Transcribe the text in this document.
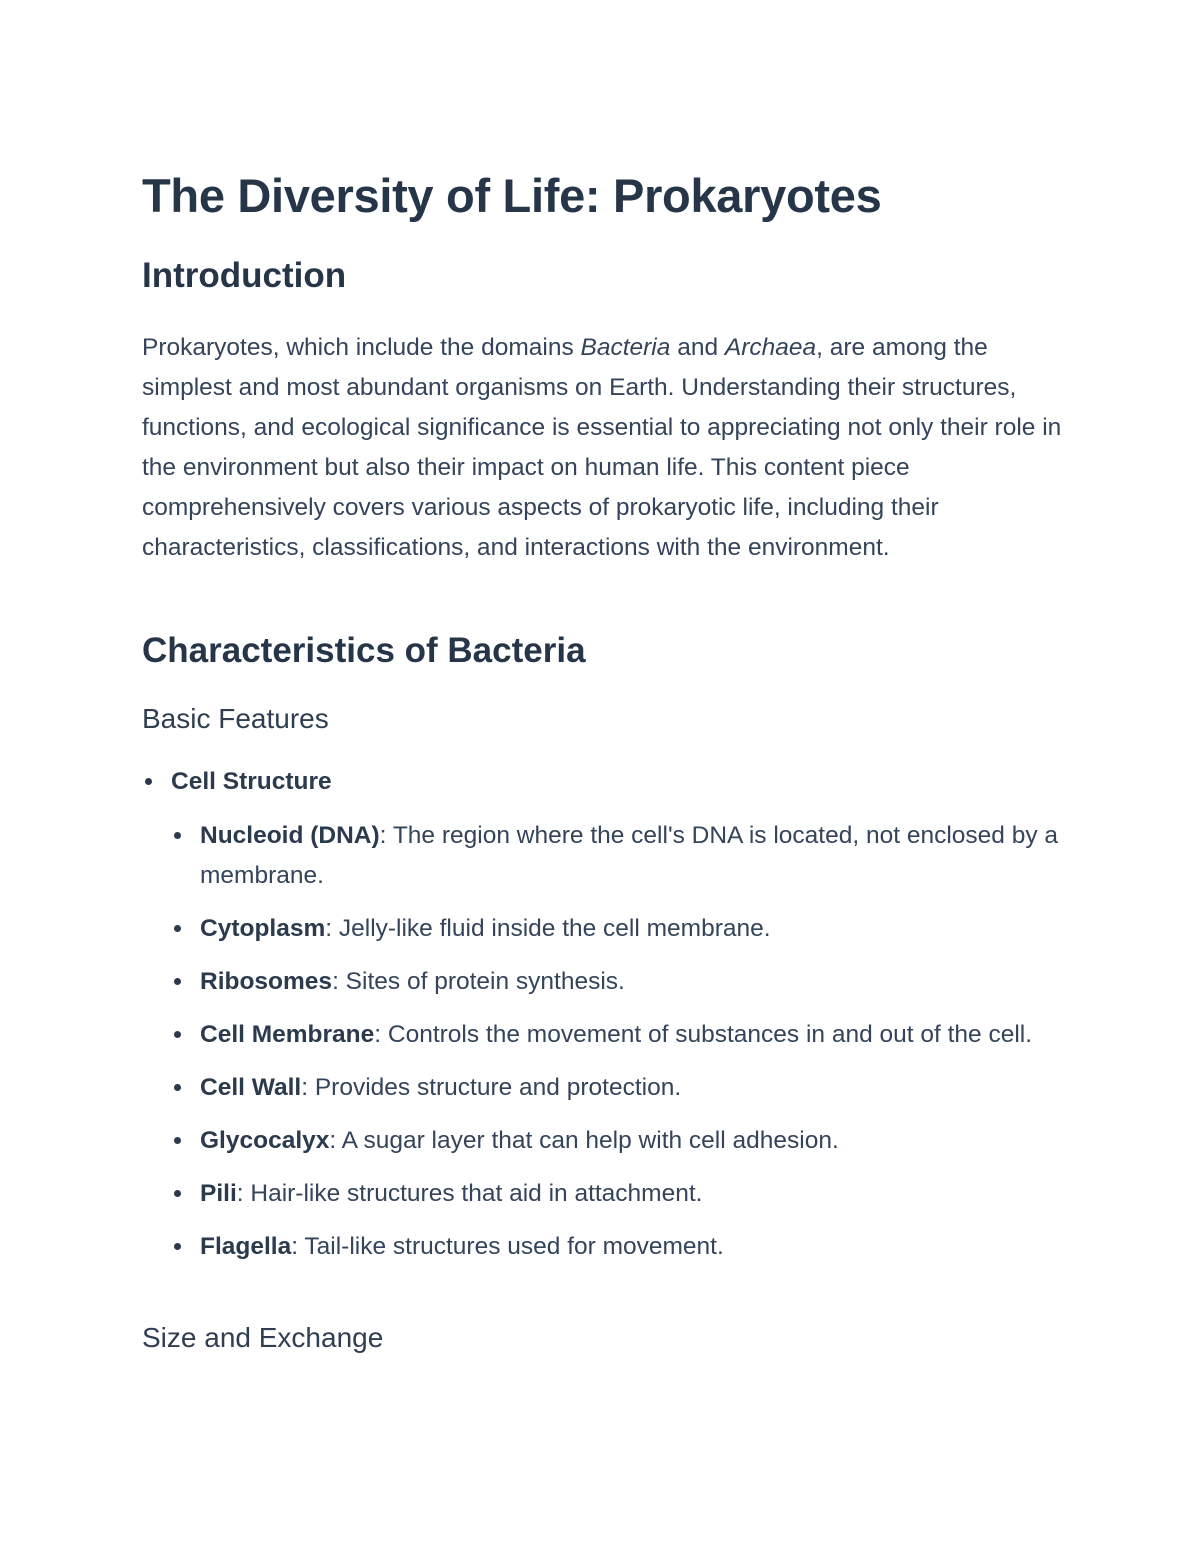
The Diversity of Life: Prokaryotes
Introduction

Prokaryotes, which include the domains Bacteria and Archaea, are among the simplest and most abundant organisms on Earth. Understanding their structures, functions, and ecological significance is essential to appreciating not only their role in the environment but also their impact on human life. This content piece comprehensively covers various aspects of prokaryotic life, including their characteristics, classifications, and interactions with the environment.

Characteristics of Bacteria
Basic Features
Cell Structure
Nucleoid (DNA): The region where the cell's DNA is located, not enclosed by a membrane.
Cytoplasm: Jelly-like fluid inside the cell membrane.
Ribosomes: Sites of protein synthesis.
Cell Membrane: Controls the movement of substances in and out of the cell.
Cell Wall: Provides structure and protection.
Glycocalyx: A sugar layer that can help with cell adhesion.
Pili: Hair-like structures that aid in attachment.
Flagella: Tail-like structures used for movement.
Size and Exchange
